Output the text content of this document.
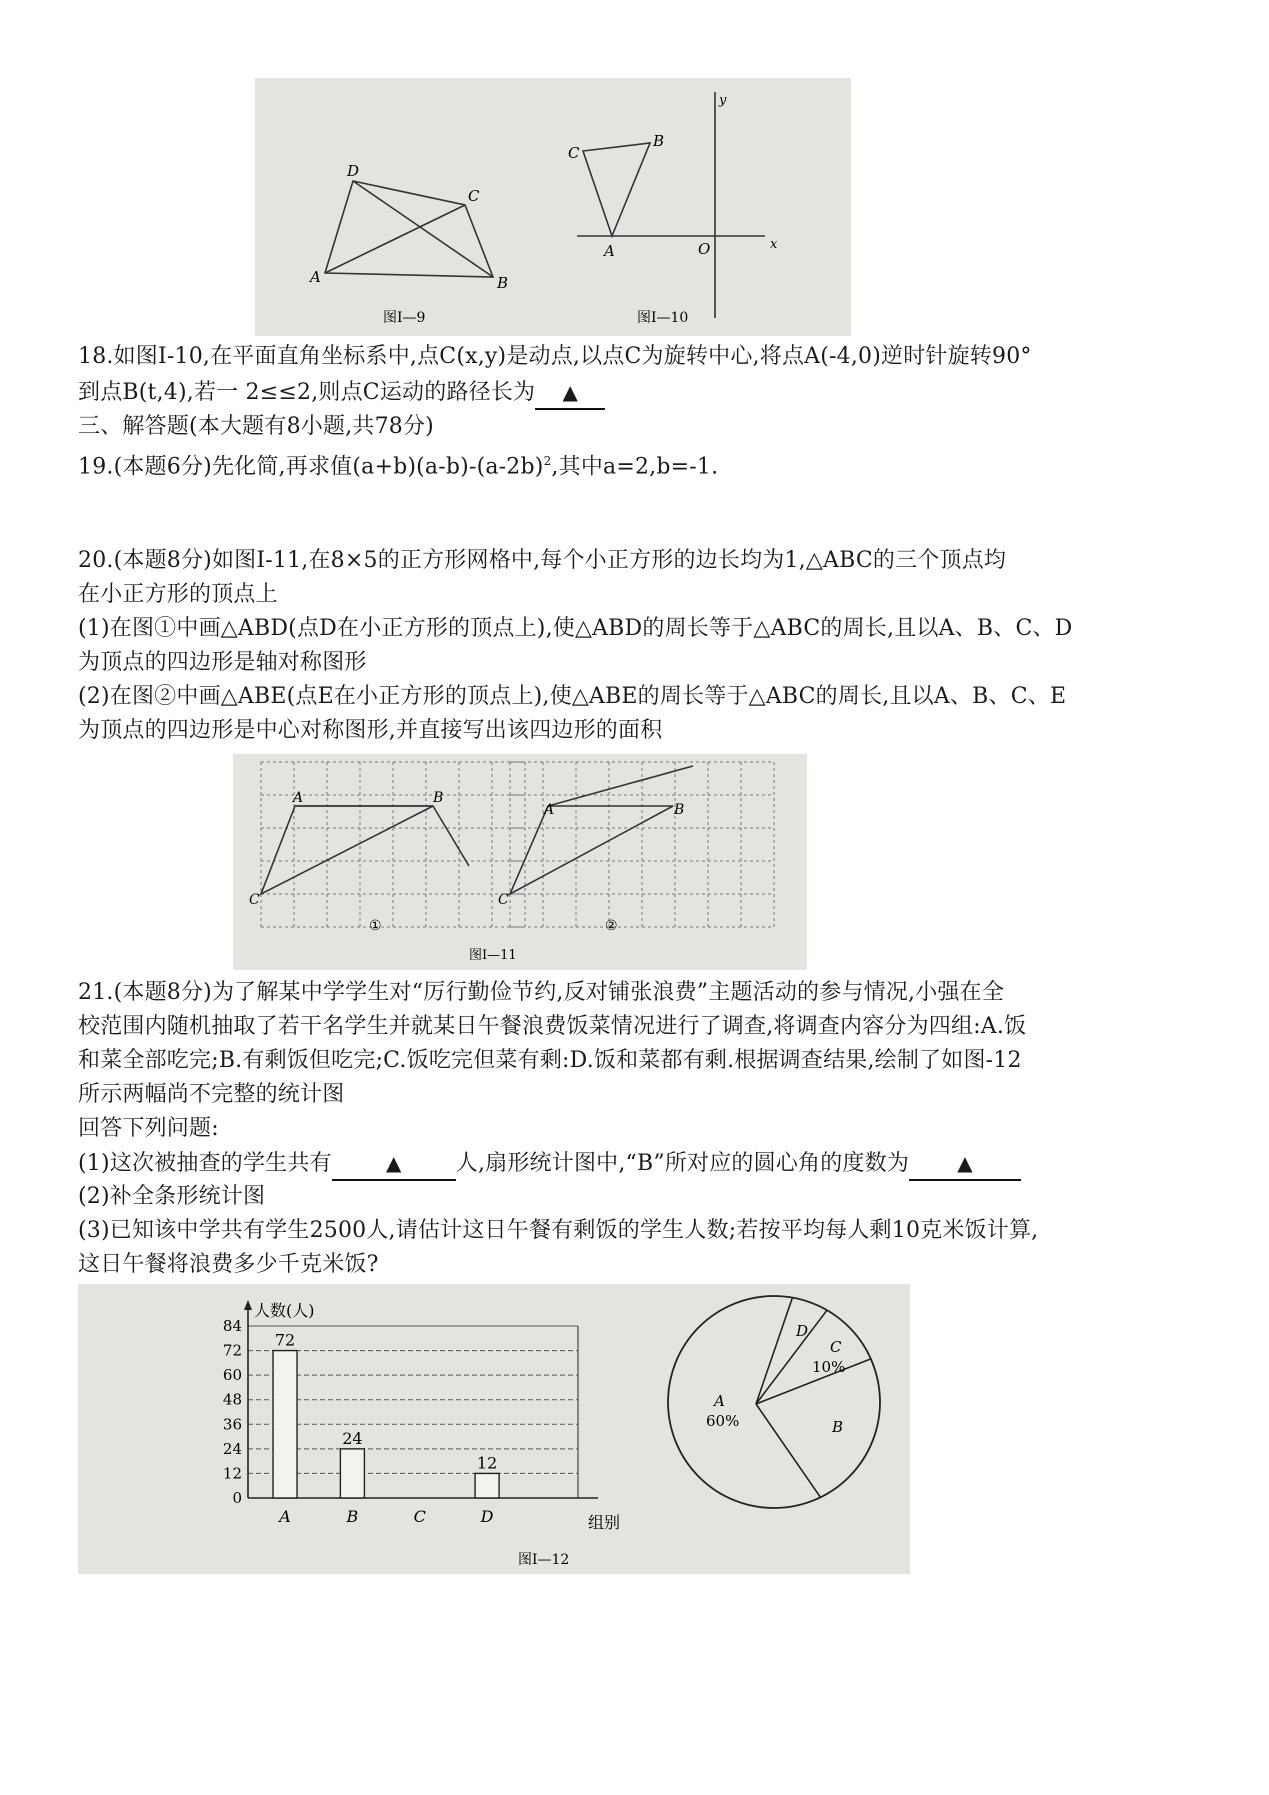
D
C
A	B
图Ⅰ—9
y
C
B
A	O	x
图Ⅰ—10
18.如图Ⅰ-10,在平面直角坐标系中,点C(x,y)是动点,以点C为旋转中心,将点A(-4,0)逆时针旋转90°
到点B(t,4),若一 2≤≤2,则点C运动的路径长为 ▲
三、解答题(本大题有8小题,共78分)
19.(本题6分)先化简,再求值$(a+b)(a-b)-(a-2b)^2$,其中a=2,b=-1.
20.(本题8分)如图Ⅰ-11,在8×5的正方形网格中,每个小正方形的边长均为1,△ABC的三个顶点均
在小正方形的顶点上
(1)在图①中画△ABD(点D在小正方形的顶点上),使△ABD的周长等于△ABC的周长,且以A、B、C、D
为顶点的四边形是轴对称图形
(2)在图②中画△ABE(点E在小正方形的顶点上),使△ABE的周长等于△ABC的周长,且以A、B、C、E
为顶点的四边形是中心对称图形,并直接写出该四边形的面积
A	B
C
A	B
C
①	②
图Ⅰ—11
21.(本题8分)为了解某中学学生对“厉行勤俭节约,反对铺张浪费”主题活动的参与情况,小强在全
校范围内随机抽取了若干名学生并就某日午餐浪费饭菜情况进行了调查,将调查内容分为四组:A.饭
和菜全部吃完;B.有剩饭但吃完;C.饭吃完但菜有剩:D.饭和菜都有剩.根据调查结果,绘制了如图-12
所示两幅尚不完整的统计图
回答下列问题:
(1)这次被抽查的学生共有	▲ 人,扇形统计图中,“B”所对应的圆心角的度数为 ▲
(2)补全条形统计图
(3)已知该中学共有学生2500人,请估计这日午餐有剩饭的学生人数;若按平均每人剩10克米饭计算,
这日午餐将浪费多少千克米饭?
84
72
60
48
36
24
12
0
人数(人)
组别
72
A
24
B	C
12
D
A
60%
D
C
10%
B
图Ⅰ—12
